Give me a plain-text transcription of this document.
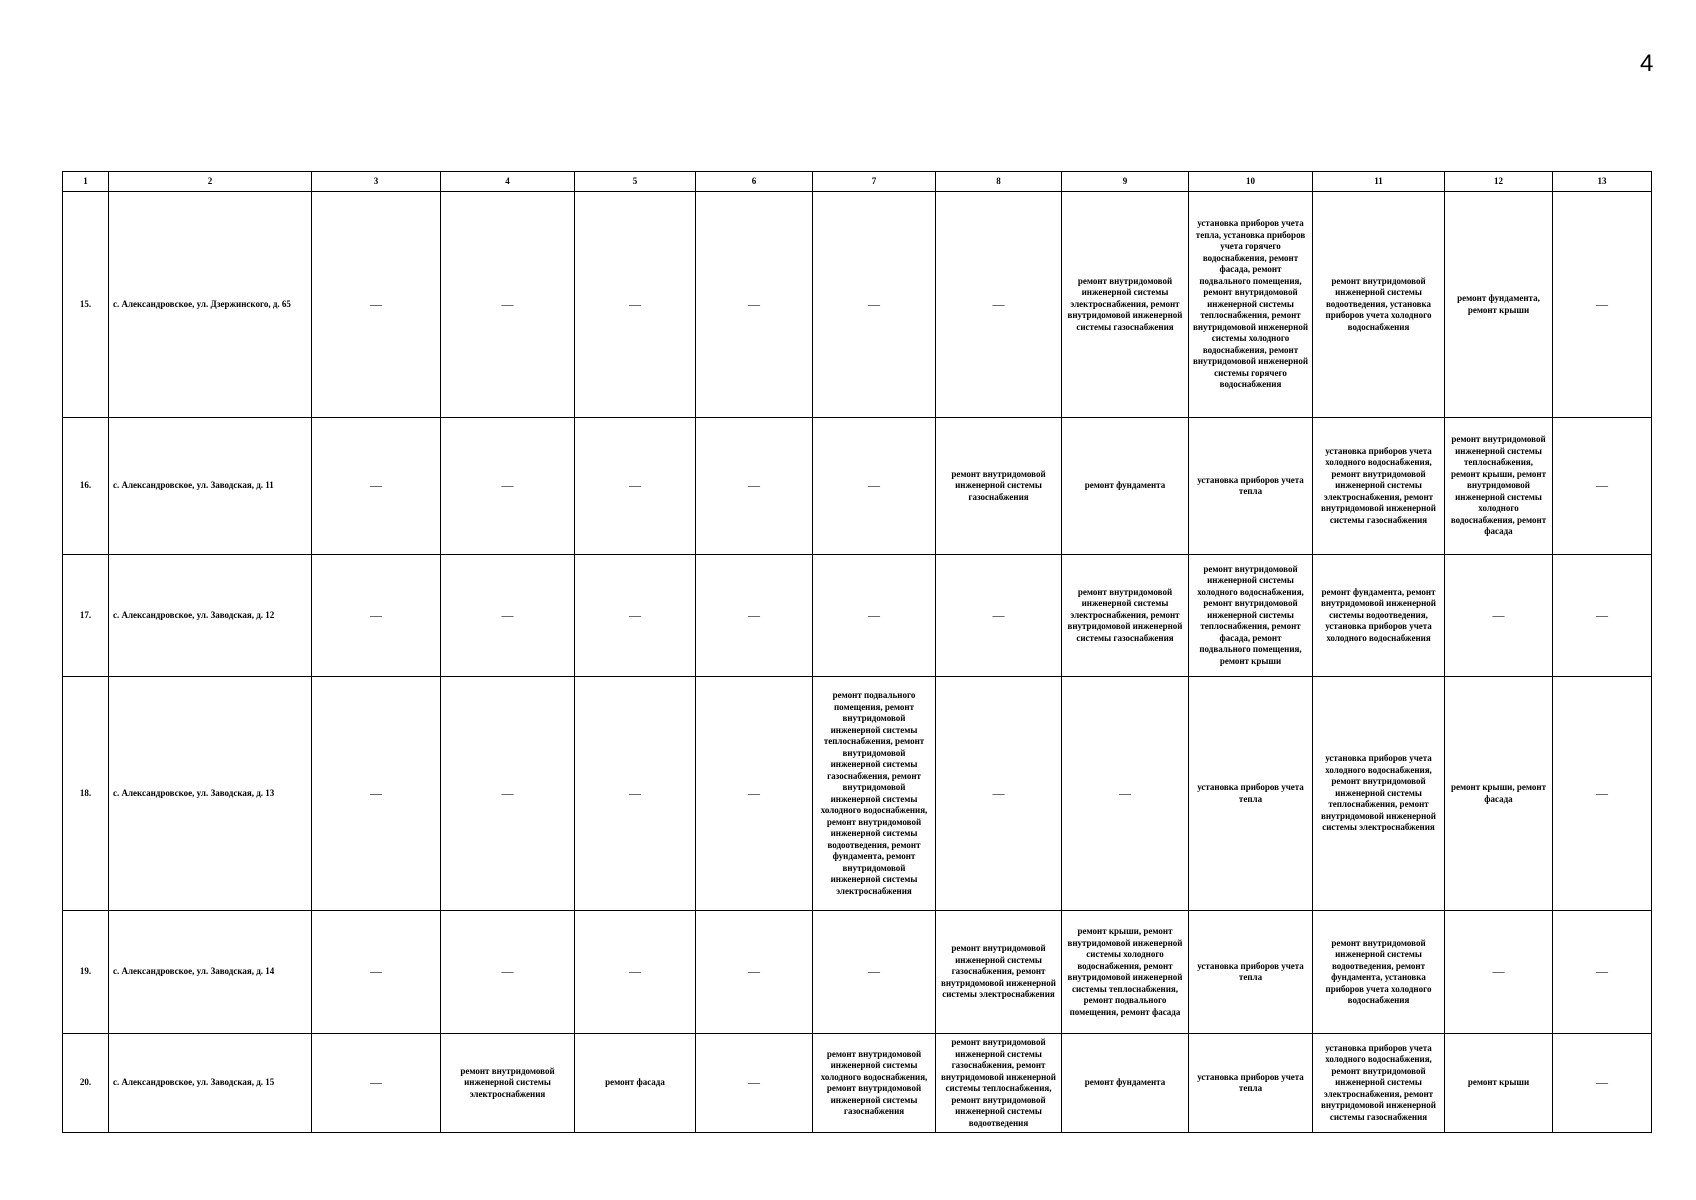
4
1	2	3	4	5	6	7	8	9	10	11	12	13
15.	с. Александровское, ул. Дзержинского, д. 65	—	—	—	—	—	—	ремонт внутридомовой инженерной системы электроснабжения, ремонт внутридомовой инженерной системы газоснабжения	установка приборов учета тепла, установка приборов учета горячего водоснабжения, ремонт фасада, ремонт подвального помещения, ремонт внутридомовой инженерной системы теплоснабжения, ремонт внутридомовой инженерной системы холодного водоснабжения, ремонт внутридомовой инженерной системы горячего водоснабжения	ремонт внутридомовой инженерной системы водоотведения, установка приборов учета холодного водоснабжения	ремонт фундамента, ремонт крыши	—
16.	с. Александровское, ул. Заводская, д. 11	—	—	—	—	—	ремонт внутридомовой инженерной системы газоснабжения	ремонт фундамента	установка приборов учета тепла	установка приборов учета холодного водоснабжения, ремонт внутридомовой инженерной системы электроснабжения, ремонт внутридомовой инженерной системы газоснабжения	ремонт внутридомовой инженерной системы теплоснабжения, ремонт крыши, ремонт внутридомовой инженерной системы холодного водоснабжения, ремонт фасада	—
17.	с. Александровское, ул. Заводская, д. 12	—	—	—	—	—	—	ремонт внутридомовой инженерной системы электроснабжения, ремонт внутридомовой инженерной системы газоснабжения	ремонт внутридомовой инженерной системы холодного водоснабжения, ремонт внутридомовой инженерной системы теплоснабжения, ремонт фасада, ремонт подвального помещения, ремонт крыши	ремонт фундамента, ремонт внутридомовой инженерной системы водоотведения, установка приборов учета холодного водоснабжения	—	—
18.	с. Александровское, ул. Заводская, д. 13	—	—	—	—	ремонт подвального помещения, ремонт внутридомовой инженерной системы теплоснабжения, ремонт внутридомовой инженерной системы газоснабжения, ремонт внутридомовой инженерной системы холодного водоснабжения, ремонт внутридомовой инженерной системы водоотведения, ремонт фундамента, ремонт внутридомовой инженерной системы электроснабжения	—	—	установка приборов учета тепла	установка приборов учета холодного водоснабжения, ремонт внутридомовой инженерной системы теплоснабжения, ремонт внутридомовой инженерной системы электроснабжения	ремонт крыши, ремонт фасада	—
19.	с. Александровское, ул. Заводская, д. 14	—	—	—	—	—	ремонт внутридомовой инженерной системы газоснабжения, ремонт внутридомовой инженерной системы электроснабжения	ремонт крыши, ремонт внутридомовой инженерной системы холодного водоснабжения, ремонт внутридомовой инженерной системы теплоснабжения, ремонт подвального помещения, ремонт фасада	установка приборов учета тепла	ремонт внутридомовой инженерной системы водоотведения, ремонт фундамента, установка приборов учета холодного водоснабжения	—	—
20.	с. Александровское, ул. Заводская, д. 15	—	ремонт внутридомовой инженерной системы электроснабжения	ремонт фасада	—	ремонт внутридомовой инженерной системы холодного водоснабжения, ремонт внутридомовой инженерной системы газоснабжения	ремонт внутридомовой инженерной системы газоснабжения, ремонт внутридомовой инженерной системы теплоснабжения, ремонт внутридомовой инженерной системы водоотведения	ремонт фундамента	установка приборов учета тепла	установка приборов учета холодного водоснабжения, ремонт внутридомовой инженерной системы электроснабжения, ремонт внутридомовой инженерной системы газоснабжения	ремонт крыши	—
